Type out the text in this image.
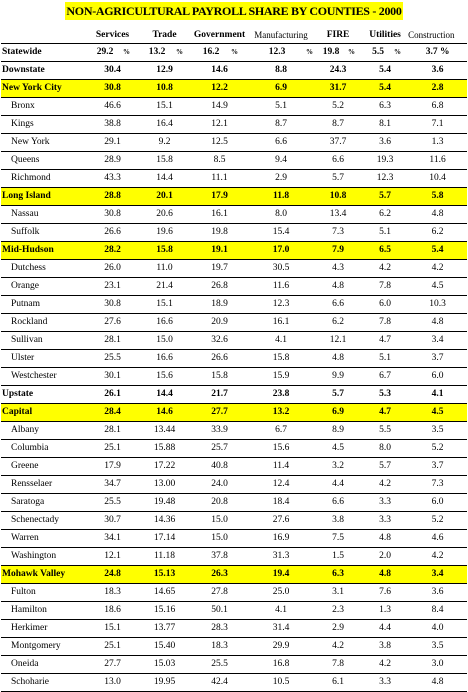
NON-AGRICULTURAL PAYROLL SHARE BY COUNTIES - 2000
	Services		Trade		Government		Manufacturing		FIRE		Utilities		Construction
Statewide	29.2	%	13.2	%	16.2	%	12.3	%	19.8	%	5.5	%	3.7 %
Downstate	30.4		12.9		14.6		8.8		24.3		5.4		3.6
New York City	30.8		10.8		12.2		6.9		31.7		5.4		2.8
Bronx	46.6		15.1		14.9		5.1		5.2		6.3		6.8
Kings	38.8		16.4		12.1		8.7		8.7		8.1		7.1
New York	29.1		9.2		12.5		6.6		37.7		3.6		1.3
Queens	28.9		15.8		8.5		9.4		6.6		19.3		11.6
Richmond	43.3		14.4		11.1		2.9		5.7		12.3		10.4
Long Island	28.8		20.1		17.9		11.8		10.8		5.7		5.8
Nassau	30.8		20.6		16.1		8.0		13.4		6.2		4.8
Suffolk	26.6		19.6		19.8		15.4		7.3		5.1		6.2
Mid-Hudson	28.2		15.8		19.1		17.0		7.9		6.5		5.4
Dutchess	26.0		11.0		19.7		30.5		4.3		4.2		4.2
Orange	23.1		21.4		26.8		11.6		4.8		7.8		4.5
Putnam	30.8		15.1		18.9		12.3		6.6		6.0		10.3
Rockland	27.6		16.6		20.9		16.1		6.2		7.8		4.8
Sullivan	28.1		15.0		32.6		4.1		12.1		4.7		3.4
Ulster	25.5		16.6		26.6		15.8		4.8		5.1		3.7
Westchester	30.1		15.6		15.8		15.9		9.9		6.7		6.0
Upstate	26.1		14.4		21.7		23.8		5.7		5.3		4.1
Capital	28.4		14.6		27.7		13.2		6.9		4.7		4.5
Albany	28.1		13.44		33.9		6.7		8.9		5.5		3.5
Columbia	25.1		15.88		25.7		15.6		4.5		8.0		5.2
Greene	17.9		17.22		40.8		11.4		3.2		5.7		3.7
Rensselaer	34.7		13.00		24.0		12.4		4.4		4.2		7.3
Saratoga	25.5		19.48		20.8		18.4		6.6		3.3		6.0
Schenectady	30.7		14.36		15.0		27.6		3.8		3.3		5.2
Warren	34.1		17.14		15.0		16.9		7.5		4.8		4.6
Washington	12.1		11.18		37.8		31.3		1.5		2.0		4.2
Mohawk Valley	24.8		15.13		26.3		19.4		6.3		4.8		3.4
Fulton	18.3		14.65		27.8		25.0		3.1		7.6		3.6
Hamilton	18.6		15.16		50.1		4.1		2.3		1.3		8.4
Herkimer	15.1		13.77		28.3		31.4		2.9		4.4		4.0
Montgomery	25.1		15.40		18.3		29.9		4.2		3.8		3.5
Oneida	27.7		15.03		25.5		16.8		7.8		4.2		3.0
Schoharie	13.0		19.95		42.4		10.5		6.1		3.3		4.8
